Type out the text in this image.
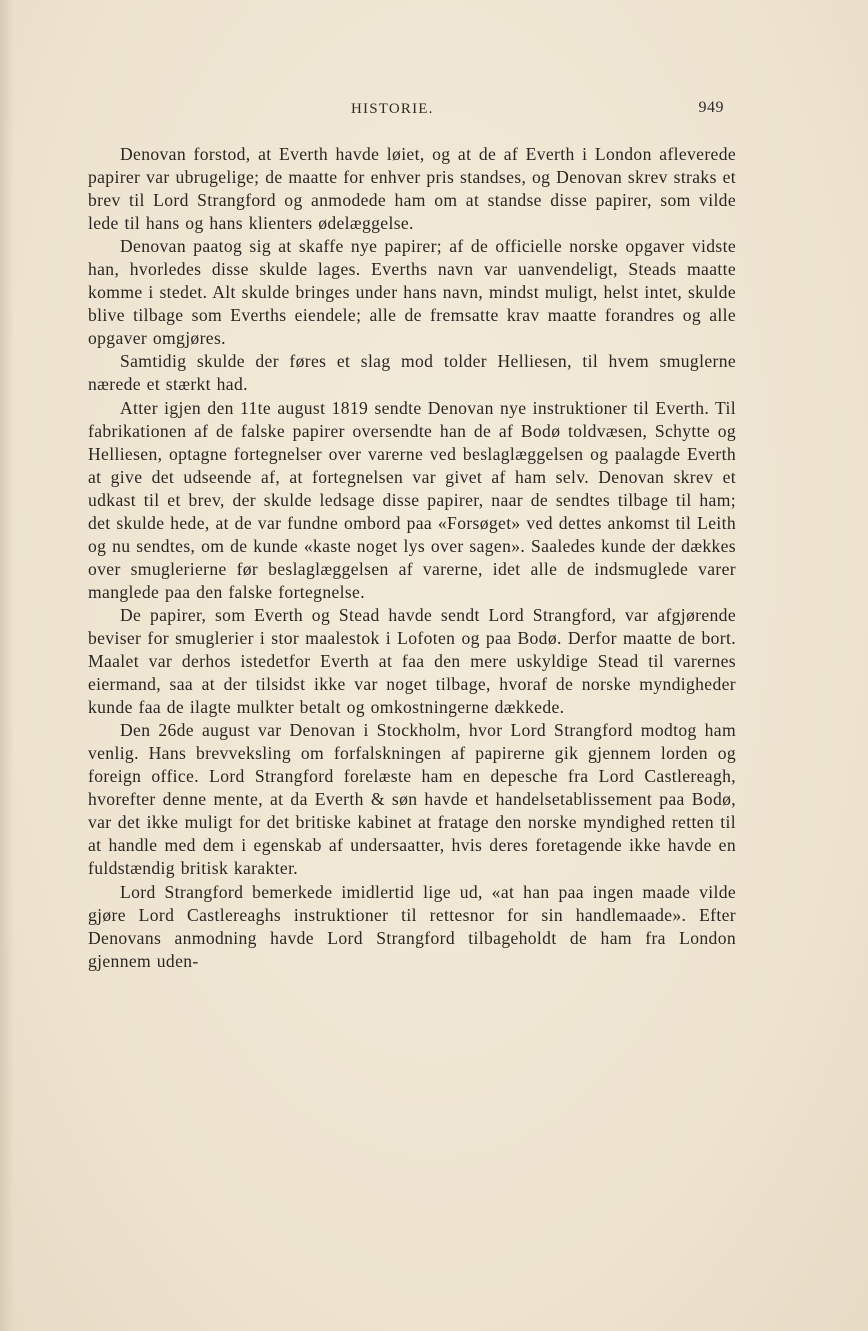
HISTORIE.	949

Denovan forstod, at Everth havde løiet, og at de af Everth i London afleverede papirer var ubrugelige; de maatte for enhver pris standses, og Denovan skrev straks et brev til Lord Strangford og anmodede ham om at standse disse papirer, som vilde lede til hans og hans klienters ødelæggelse.

Denovan paatog sig at skaffe nye papirer; af de officielle norske opgaver vidste han, hvorledes disse skulde lages. Everths navn var uanvendeligt, Steads maatte komme i stedet. Alt skulde bringes under hans navn, mindst muligt, helst intet, skulde blive tilbage som Everths eiendele; alle de fremsatte krav maatte forandres og alle opgaver omgjøres.

Samtidig skulde der føres et slag mod tolder Helliesen, til hvem smuglerne nærede et stærkt had.

Atter igjen den 11te august 1819 sendte Denovan nye instruktioner til Everth. Til fabrikationen af de falske papirer oversendte han de af Bodø toldvæsen, Schytte og Helliesen, optagne fortegnelser over varerne ved beslaglæggelsen og paalagde Everth at give det udseende af, at fortegnelsen var givet af ham selv. Denovan skrev et udkast til et brev, der skulde ledsage disse papirer, naar de sendtes tilbage til ham; det skulde hede, at de var fundne ombord paa «Forsøget» ved dettes ankomst til Leith og nu sendtes, om de kunde «kaste noget lys over sagen». Saaledes kunde der dækkes over smuglerierne før beslaglæggelsen af varerne, idet alle de indsmuglede varer manglede paa den falske fortegnelse.

De papirer, som Everth og Stead havde sendt Lord Strangford, var afgjørende beviser for smuglerier i stor maalestok i Lofoten og paa Bodø. Derfor maatte de bort. Maalet var derhos istedetfor Everth at faa den mere uskyldige Stead til varernes eiermand, saa at der tilsidst ikke var noget tilbage, hvoraf de norske myndigheder kunde faa de ilagte mulkter betalt og omkostningerne dækkede.

Den 26de august var Denovan i Stockholm, hvor Lord Strangford modtog ham venlig. Hans brevveksling om forfalskningen af papirerne gik gjennem lorden og foreign office. Lord Strangford forelæste ham en depesche fra Lord Castlereagh, hvorefter denne mente, at da Everth & søn havde et handelsetablissement paa Bodø, var det ikke muligt for det britiske kabinet at fratage den norske myndighed retten til at handle med dem i egenskab af undersaatter, hvis deres foretagende ikke havde en fuldstændig britisk karakter.

Lord Strangford bemerkede imidlertid lige ud, «at han paa ingen maade vilde gjøre Lord Castlereaghs instruktioner til rettesnor for sin handlemaade». Efter Denovans anmodning havde Lord Strangford tilbageholdt de ham fra London gjennem uden-
